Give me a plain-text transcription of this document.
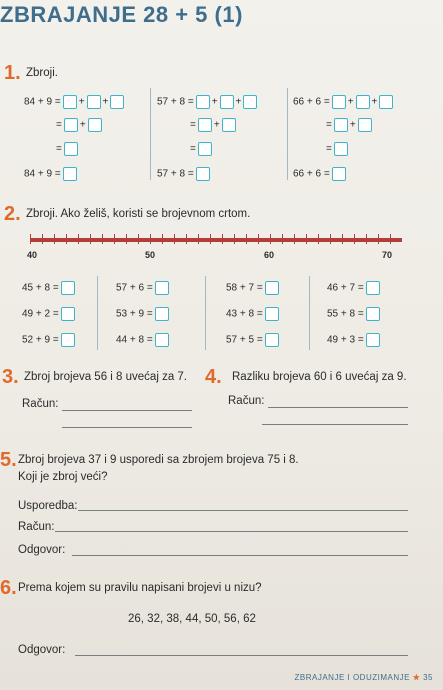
ZBRAJANJE 28 + 5 (1)
1. Zbroji.
84 + 9 = + +
= +
=
84 + 9 =
57 + 8 = + +
= +
=
57 + 8 =
66 + 6 = + +
= +
=
66 + 6 =
2. Zbroji. Ako želiš, koristi se brojevnom crtom.
40	50	60	70
45 + 8 =	57 + 6 =	58 + 7 =	46 + 7 =
49 + 2 =	53 + 9 =	43 + 8 =	55 + 8 =
52 + 9 =	44 + 8 =	57 + 5 =	49 + 3 =
3. Zbroj brojeva 56 i 8 uvećaj za 7. 4. Razliku brojeva 60 i 6 uvećaj za 9.
Račun:	Račun:
5. Zbroj brojeva 37 i 9 usporedi sa zbrojem brojeva 75 i 8.
Koji je zbroj veći?
Usporedba:
Račun:
Odgovor:
6. Prema kojem su pravilu napisani brojevi u nizu?
26, 32, 38, 44, 50, 56, 62
Odgovor:
ZBRAJANJE I ODUZIMANJE ★ 35
